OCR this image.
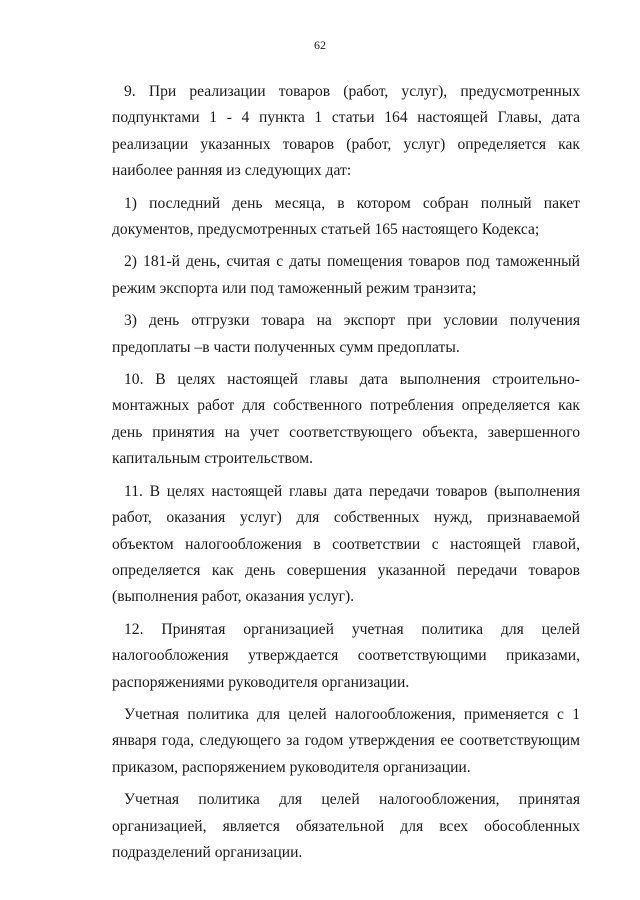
62

9. При реализации товаров (работ, услуг), предусмотренных подпунктами 1 - 4 пункта 1 статьи 164 настоящей Главы, дата реализации указанных товаров (работ, услуг) определяется как наиболее ранняя из следующих дат:

1) последний день месяца, в котором собран полный пакет документов, предусмотренных статьей 165 настоящего Кодекса;

2) 181-й день, считая с даты помещения товаров под таможенный режим экспорта или под таможенный режим транзита;

3) день отгрузки товара на экспорт при условии получения предоплаты –в части полученных сумм предоплаты.

10. В целях настоящей главы дата выполнения строительно-монтажных работ для собственного потребления определяется как день принятия на учет соответствующего объекта, завершенного капитальным строительством.

11. В целях настоящей главы дата передачи товаров (выполнения работ, оказания услуг) для собственных нужд, признаваемой объектом налогообложения в соответствии с настоящей главой, определяется как день совершения указанной передачи товаров (выполнения работ, оказания услуг).

12. Принятая организацией учетная политика для целей налогообложения утверждается соответствующими приказами, распоряжениями руководителя организации.

Учетная политика для целей налогообложения, применяется с 1 января года, следующего за годом утверждения ее соответствующим приказом, распоряжением руководителя организации.

Учетная политика для целей налогообложения, принятая организацией, является обязательной для всех обособленных подразделений организации.
